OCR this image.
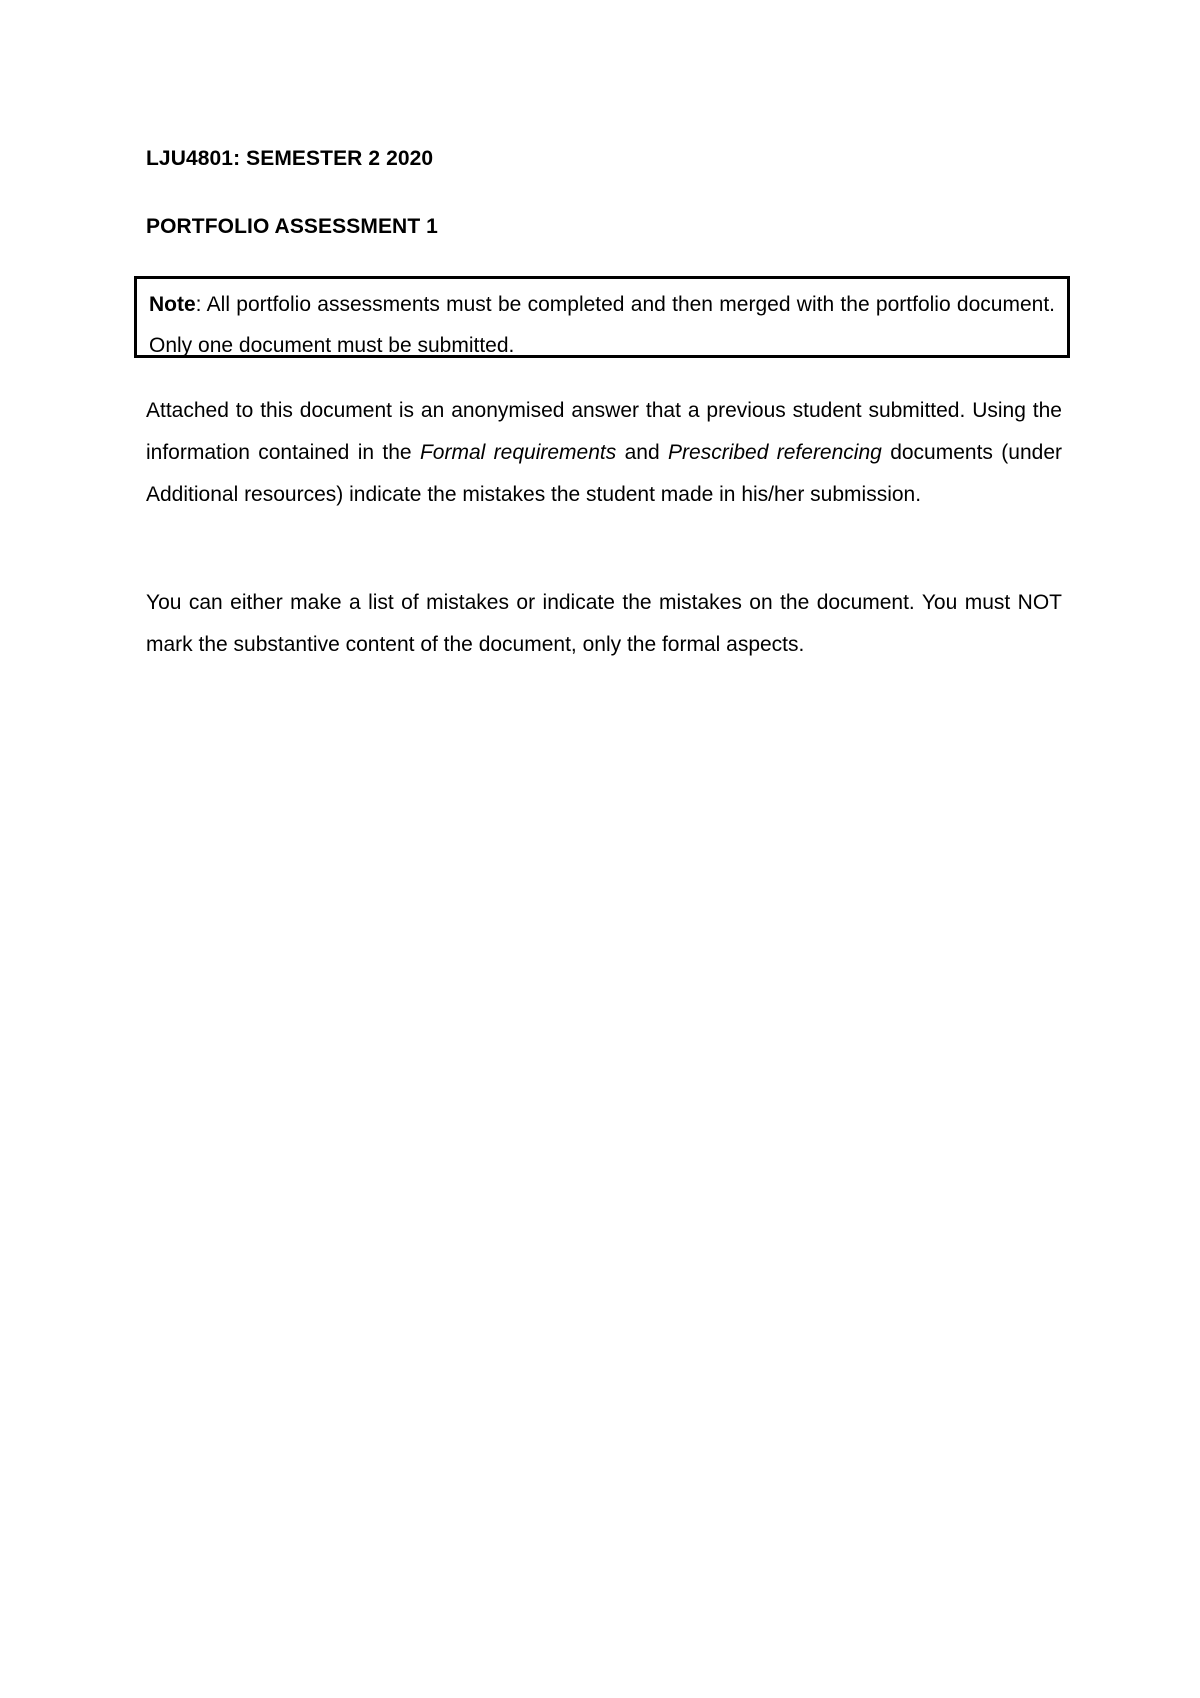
LJU4801: SEMESTER 2 2020
PORTFOLIO ASSESSMENT 1
Note: All portfolio assessments must be completed and then merged with the portfolio document. Only one document must be submitted.
Attached to this document is an anonymised answer that a previous student submitted. Using the information contained in the Formal requirements and Prescribed referencing documents (under Additional resources) indicate the mistakes the student made in his/her submission.
You can either make a list of mistakes or indicate the mistakes on the document. You must NOT mark the substantive content of the document, only the formal aspects.
